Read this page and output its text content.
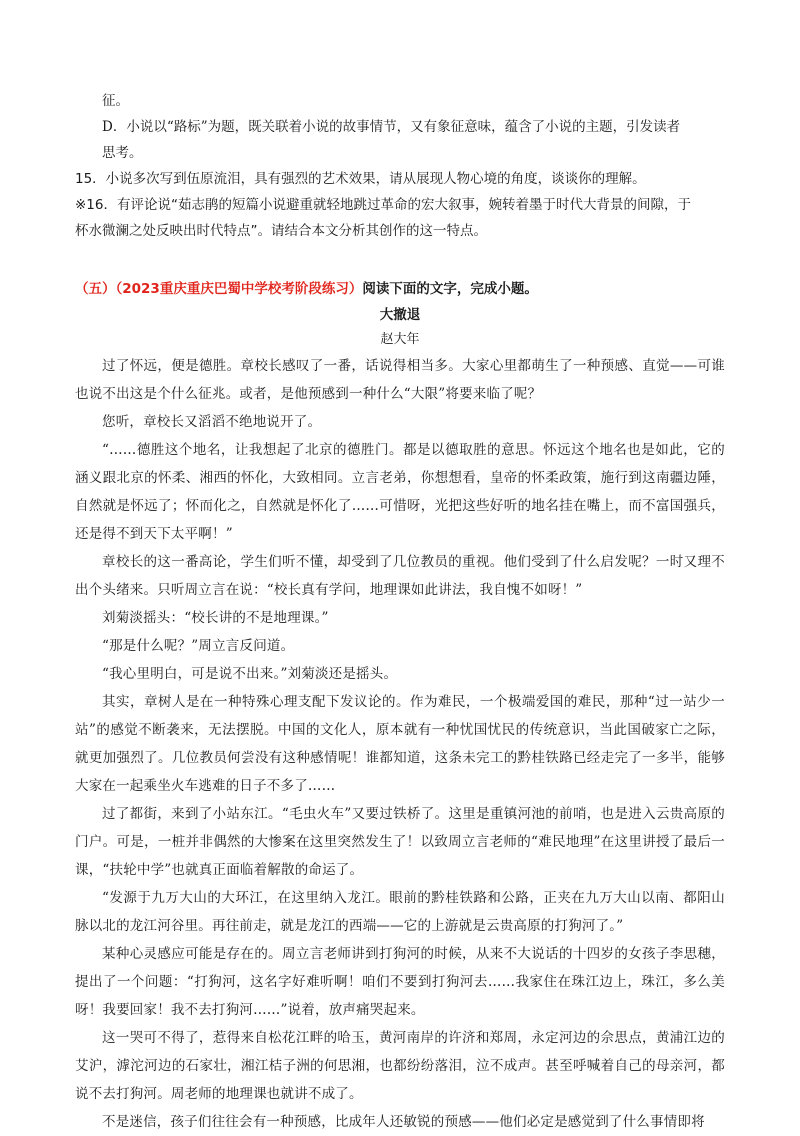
征。
D．小说以“路标”为题，既关联着小说的故事情节，又有象征意味，蕴含了小说的主题，引发读者
思考。
15．小说多次写到伍原流泪，具有强烈的艺术效果，请从展现人物心境的角度，谈谈你的理解。
※16．有评论说“茹志鹃的短篇小说避重就轻地跳过革命的宏大叙事，婉转着墨于时代大背景的间隙，于
杯水微澜之处反映出时代特点”。请结合本文分析其创作的这一特点。
（五）（2023重庆重庆巴蜀中学校考阶段练习）阅读下面的文字，完成小题。
大撤退
赵大年

过了怀远，便是德胜。章校长感叹了一番，话说得相当多。大家心里都萌生了一种预感、直觉——可谁也说不出这是个什么征兆。或者，是他预感到一种什么“大限”将要来临了呢？

您听，章校长又滔滔不绝地说开了。

“……德胜这个地名，让我想起了北京的德胜门。都是以德取胜的意思。怀远这个地名也是如此，它的涵义跟北京的怀柔、湘西的怀化，大致相同。立言老弟，你想想看，皇帝的怀柔政策，施行到这南疆边陲，自然就是怀远了；怀而化之，自然就是怀化了……可惜呀，光把这些好听的地名挂在嘴上，而不富国强兵，还是得不到天下太平啊！”

章校长的这一番高论，学生们听不懂，却受到了几位教员的重视。他们受到了什么启发呢？一时又理不出个头绪来。只听周立言在说：“校长真有学问，地理课如此讲法，我自愧不如呀！”

刘菊淡摇头：“校长讲的不是地理课。”

“那是什么呢？”周立言反问道。

“我心里明白，可是说不出来。”刘菊淡还是摇头。

其实，章树人是在一种特殊心理支配下发议论的。作为难民，一个极端爱国的难民，那种“过一站少一站”的感觉不断袭来，无法摆脱。中国的文化人，原本就有一种忧国忧民的传统意识，当此国破家亡之际，就更加强烈了。几位教员何尝没有这种感情呢！谁都知道，这条未完工的黔桂铁路已经走完了一多半，能够大家在一起乘坐火车逃难的日子不多了……

过了都街，来到了小站东江。“毛虫火车”又要过铁桥了。这里是重镇河池的前哨，也是进入云贵高原的门户。可是，一桩并非偶然的大惨案在这里突然发生了！以致周立言老师的“难民地理”在这里讲授了最后一课，“扶轮中学”也就真正面临着解散的命运了。

“发源于九万大山的大环江，在这里纳入龙江。眼前的黔桂铁路和公路，正夹在九万大山以南、都阳山脉以北的龙江河谷里。再往前走，就是龙江的西端——它的上游就是云贵高原的打狗河了。”

某种心灵感应可能是存在的。周立言老师讲到打狗河的时候，从来不大说话的十四岁的女孩子李思穗，提出了一个问题：“打狗河，这名字好难听啊！咱们不要到打狗河去……我家住在珠江边上，珠江，多么美呀！我要回家！我不去打狗河……”说着，放声痛哭起来。

这一哭可不得了，惹得来自松花江畔的哈玉，黄河南岸的许济和郑周，永定河边的佘思点，黄浦江边的艾沪，滹沱河边的石家壮，湘江桔子洲的何思湘，也都纷纷落泪，泣不成声。甚至呼喊着自己的母亲河，都说不去打狗河。周老师的地理课也就讲不成了。

不是迷信，孩子们往往会有一种预感，比成年人还敏锐的预感——他们必定是感觉到了什么事情即将
